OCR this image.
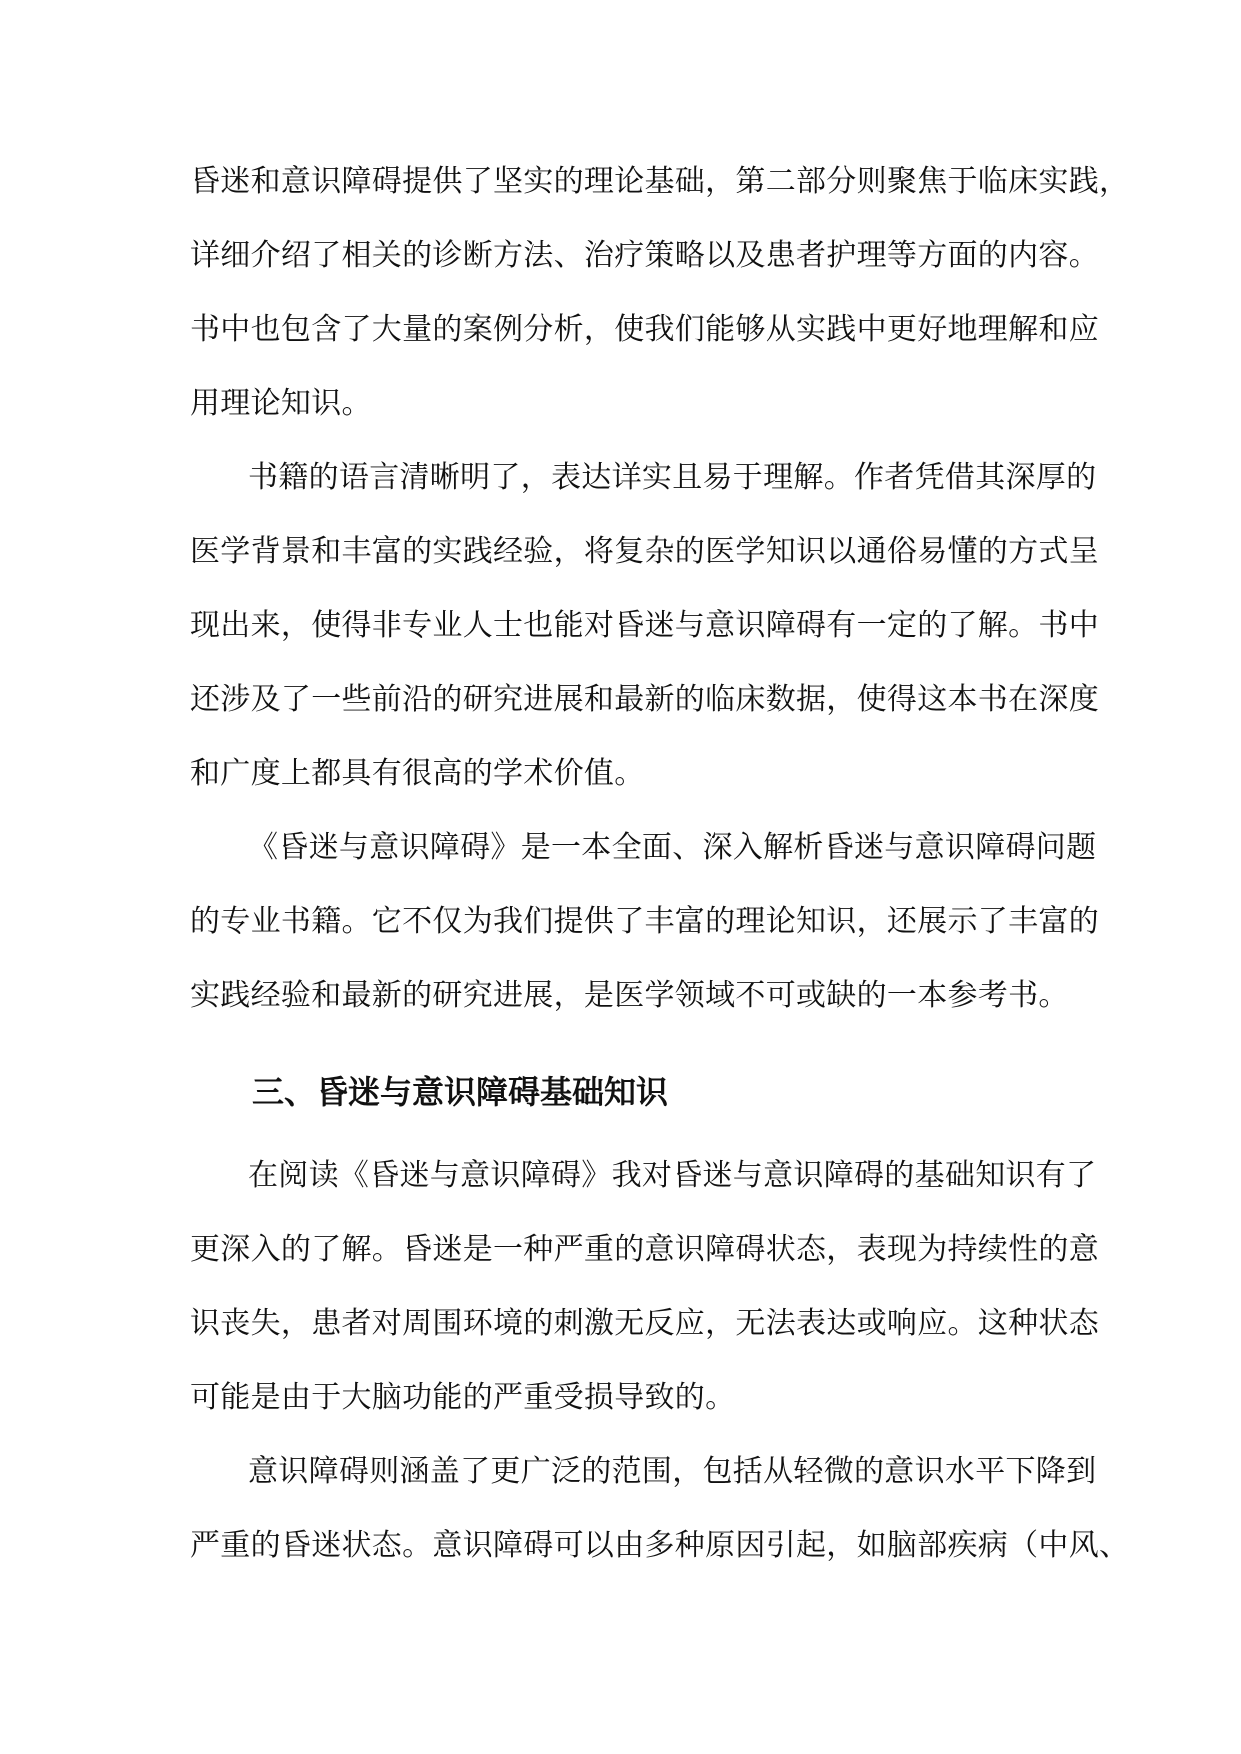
昏迷和意识障碍提供了坚实的理论基础，第二部分则聚焦于临床实践，
详细介绍了相关的诊断方法、治疗策略以及患者护理等方面的内容。
书中也包含了大量的案例分析，使我们能够从实践中更好地理解和应
用理论知识。
书籍的语言清晰明了，表达详实且易于理解。作者凭借其深厚的
医学背景和丰富的实践经验，将复杂的医学知识以通俗易懂的方式呈
现出来，使得非专业人士也能对昏迷与意识障碍有一定的了解。书中
还涉及了一些前沿的研究进展和最新的临床数据，使得这本书在深度
和广度上都具有很高的学术价值。
《昏迷与意识障碍》是一本全面、深入解析昏迷与意识障碍问题
的专业书籍。它不仅为我们提供了丰富的理论知识，还展示了丰富的
实践经验和最新的研究进展，是医学领域不可或缺的一本参考书。
三、昏迷与意识障碍基础知识
在阅读《昏迷与意识障碍》我对昏迷与意识障碍的基础知识有了
更深入的了解。昏迷是一种严重的意识障碍状态，表现为持续性的意
识丧失，患者对周围环境的刺激无反应，无法表达或响应。这种状态
可能是由于大脑功能的严重受损导致的。
意识障碍则涵盖了更广泛的范围，包括从轻微的意识水平下降到
严重的昏迷状态。意识障碍可以由多种原因引起，如脑部疾病（中风、
